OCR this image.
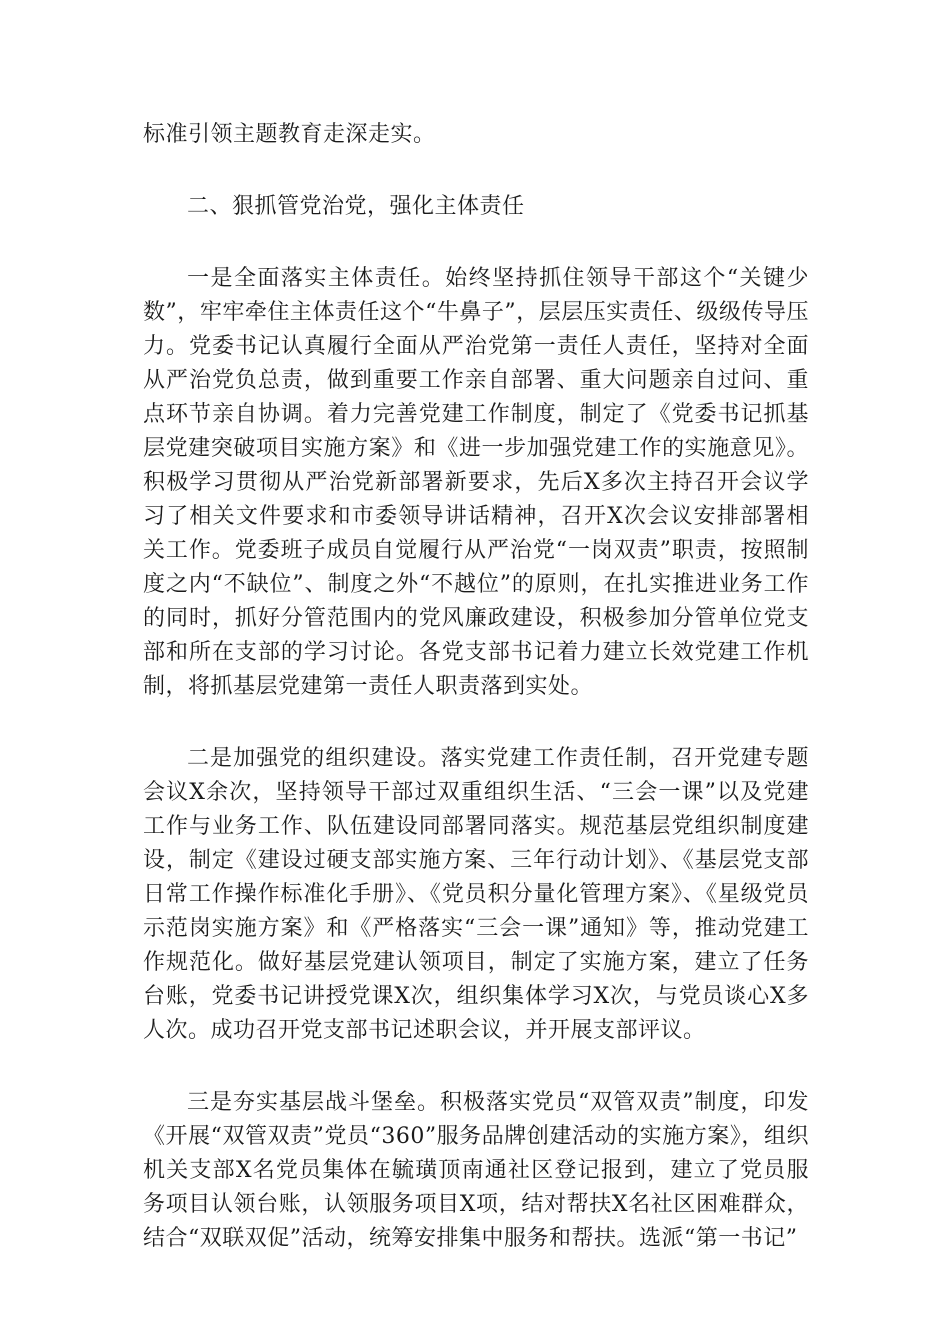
标准引领主题教育走深走实。

二、狠抓管党治党，强化主体责任

一是全面落实主体责任。始终坚持抓住领导干部这个“关键少数”，牢牢牵住主体责任这个“牛鼻子”，层层压实责任、级级传导压力。党委书记认真履行全面从严治党第一责任人责任，坚持对全面从严治党负总责，做到重要工作亲自部署、重大问题亲自过问、重点环节亲自协调。着力完善党建工作制度，制定了《党委书记抓基层党建突破项目实施方案》和《进一步加强党建工作的实施意见》。积极学习贯彻从严治党新部署新要求，先后X多次主持召开会议学习了相关文件要求和市委领导讲话精神，召开X次会议安排部署相关工作。党委班子成员自觉履行从严治党“一岗双责”职责，按照制度之内“不缺位”、制度之外“不越位”的原则，在扎实推进业务工作的同时，抓好分管范围内的党风廉政建设，积极参加分管单位党支部和所在支部的学习讨论。各党支部书记着力建立长效党建工作机制，将抓基层党建第一责任人职责落到实处。

二是加强党的组织建设。落实党建工作责任制，召开党建专题会议X余次，坚持领导干部过双重组织生活、“三会一课”以及党建工作与业务工作、队伍建设同部署同落实。规范基层党组织制度建设，制定《建设过硬支部实施方案、三年行动计划》、《基层党支部日常工作操作标准化手册》、《党员积分量化管理方案》、《星级党员示范岗实施方案》和《严格落实“三会一课”通知》等，推动党建工作规范化。做好基层党建认领项目，制定了实施方案，建立了任务台账，党委书记讲授党课X次，组织集体学习X次，与党员谈心X多人次。成功召开党支部书记述职会议，并开展支部评议。

三是夯实基层战斗堡垒。积极落实党员“双管双责”制度，印发《开展“双管双责”党员“360”服务品牌创建活动的实施方案》，组织机关支部X名党员集体在毓璜顶南通社区登记报到，建立了党员服务项目认领台账，认领服务项目X项，结对帮扶X名社区困难群众，结合“双联双促”活动，统筹安排集中服务和帮扶。选派“第一书记”
